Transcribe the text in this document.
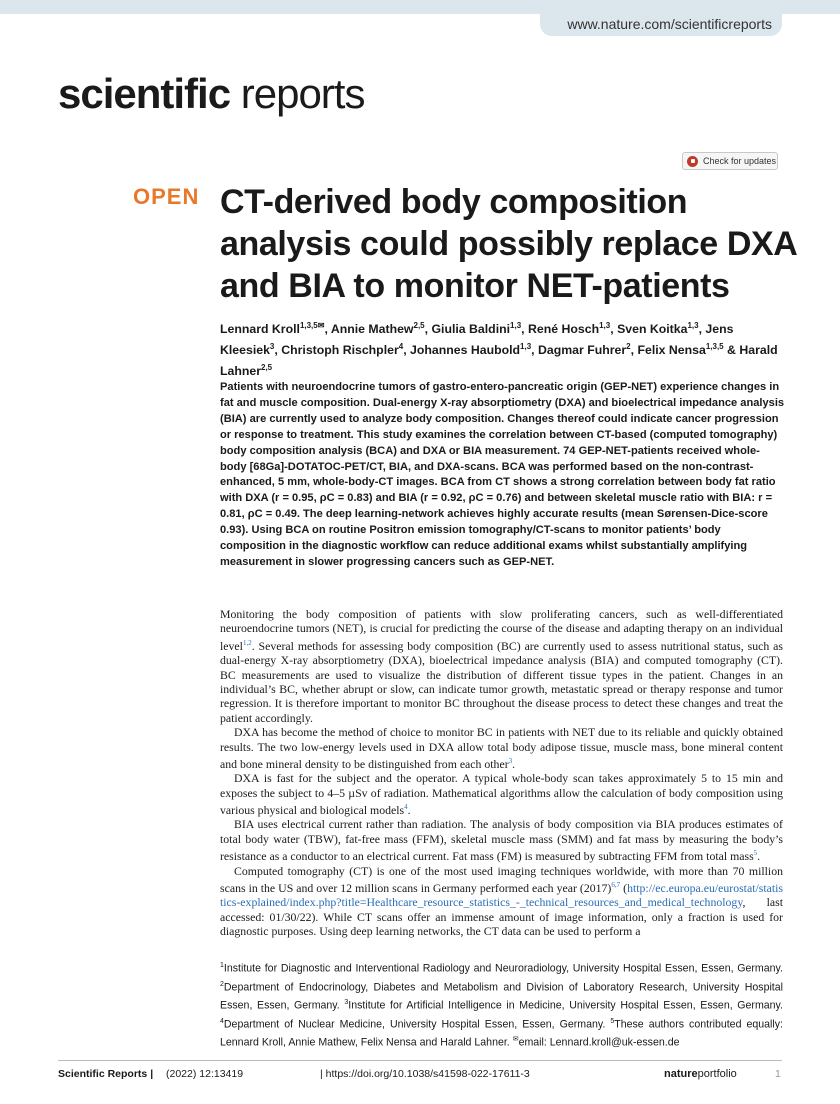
www.nature.com/scientificreports
scientific reports
Check for updates
OPEN CT-derived body composition analysis could possibly replace DXA and BIA to monitor NET-patients
Lennard Kroll$^{1,3,5✉}$, Annie Mathew$^{2,5}$, Giulia Baldini$^{1,3}$, René Hosch$^{1,3}$, Sven Koitka$^{1,3}$, Jens Kleesiek$^3$, Christoph Rischpler$^4$, Johannes Haubold$^{1,3}$, Dagmar Fuhrer$^2$, Felix Nensa$^{1,3,5}$ & Harald Lahner$^{2,5}$

Patients with neuroendocrine tumors of gastro-entero-pancreatic origin (GEP-NET) experience changes in fat and muscle composition. Dual-energy X-ray absorptiometry (DXA) and bioelectrical impedance analysis (BIA) are currently used to analyze body composition. Changes thereof could indicate cancer progression or response to treatment. This study examines the correlation between CT-based (computed tomography) body composition analysis (BCA) and DXA or BIA measurement. 74 GEP-NET-patients received whole-body [68Ga]-DOTATOC-PET/CT, BIA, and DXA-scans. BCA was performed based on the non-contrast-enhanced, 5 mm, whole-body-CT images. BCA from CT shows a strong correlation between body fat ratio with DXA (r = 0.95, ρC = 0.83) and BIA (r = 0.92, ρC = 0.76) and between skeletal muscle ratio with BIA: r = 0.81, ρC = 0.49. The deep learning-network achieves highly accurate results (mean Sørensen-Dice-score 0.93). Using BCA on routine Positron emission tomography/CT-scans to monitor patients’ body composition in the diagnostic workflow can reduce additional exams whilst substantially amplifying measurement in slower progressing cancers such as GEP-NET.

Monitoring the body composition of patients with slow proliferating cancers, such as well-differentiated neuroendocrine tumors (NET), is crucial for predicting the course of the disease and adapting therapy on an individual level$^{1,2}$. Several methods for assessing body composition (BC) are currently used to assess nutritional status, such as dual-energy X-ray absorptiometry (DXA), bioelectrical impedance analysis (BIA) and computed tomography (CT). BC measurements are used to visualize the distribution of different tissue types in the patient. Changes in an individual’s BC, whether abrupt or slow, can indicate tumor growth, metastatic spread or therapy response and tumor regression. It is therefore important to monitor BC throughout the disease process to detect these changes and treat the patient accordingly.

DXA has become the method of choice to monitor BC in patients with NET due to its reliable and quickly obtained results. The two low-energy levels used in DXA allow total body adipose tissue, muscle mass, bone mineral content and bone mineral density to be distinguished from each other$^3$.

DXA is fast for the subject and the operator. A typical whole-body scan takes approximately 5 to 15 min and exposes the subject to 4–5 µSv of radiation. Mathematical algorithms allow the calculation of body composition using various physical and biological models$^4$.

BIA uses electrical current rather than radiation. The analysis of body composition via BIA produces estimates of total body water (TBW), fat-free mass (FFM), skeletal muscle mass (SMM) and fat mass by measuring the body’s resistance as a conductor to an electrical current. Fat mass (FM) is measured by subtracting FFM from total mass$^5$.

Computed tomography (CT) is one of the most used imaging techniques worldwide, with more than 70 million scans in the US and over 12 million scans in Germany performed each year $(2017)^{6,7}$ (http://ec.europa.eu/eurostat/statistics-explained/index.php?title=Healthcare_resource_statistics_-_technical_resources_and_medical_technology, last accessed: 01/30/22). While CT scans offer an immense amount of image information, only a fraction is used for diagnostic purposes. Using deep learning networks, the CT data can be used to perform a

$^1$Institute for Diagnostic and Interventional Radiology and Neuroradiology, University Hospital Essen, Essen, Germany. $^2$Department of Endocrinology, Diabetes and Metabolism and Division of Laboratory Research, University Hospital Essen, Essen, Germany. $^3$Institute for Artificial Intelligence in Medicine, University Hospital Essen, Essen, Germany. $^4$Department of Nuclear Medicine, University Hospital Essen, Essen, Germany. $^5$These authors contributed equally: Lennard Kroll, Annie Mathew, Felix Nensa and Harald Lahner. ✉email: Lennard.kroll@uk-essen.de
Scientific Reports | (2022) 12:13419	| https://doi.org/10.1038/s41598-022-17611-3	natureportfolio	1
